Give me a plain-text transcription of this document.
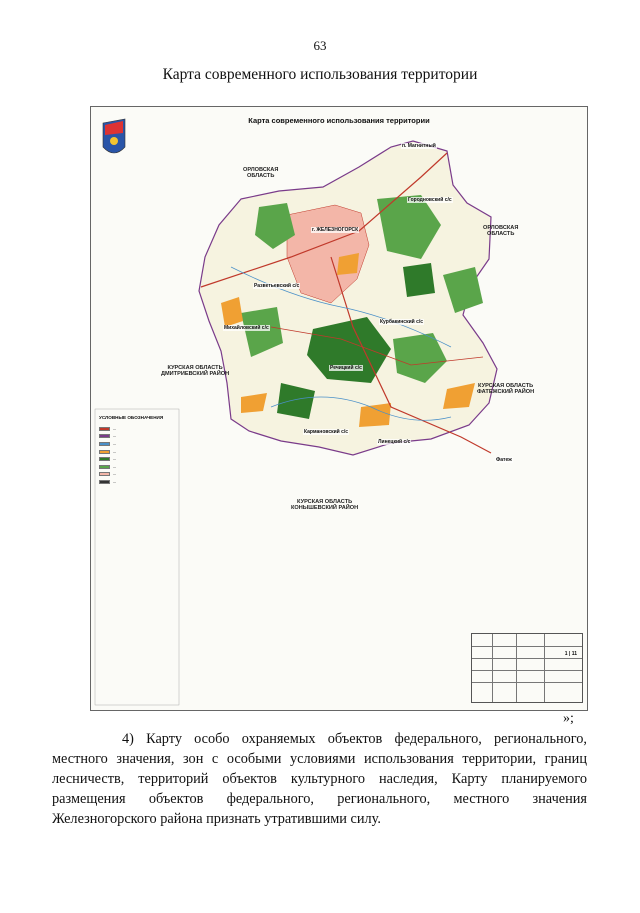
63
Карта современного использования территории
Карта современного использования территории
ОРЛОВСКАЯ
ОБЛАСТЬ
ОРЛОВСКАЯ
ОБЛАСТЬ
КУРСКАЯ ОБЛАСТЬ
ДМИТРИЕВСКИЙ РАЙОН
КУРСКАЯ ОБЛАСТЬ
ФАТЕЖСКИЙ РАЙОН
КУРСКАЯ ОБЛАСТЬ
КОНЫШЕВСКИЙ РАЙОН
п. Магнитный
г. ЖЕЛЕЗНОГОРСК
Городновский с/с
Разветьевский с/с
Михайловский с/с
Курбакинский с/с
Речицкий с/с
Кармановский с/с
Линецкий с/с
Фатеж
УСЛОВНЫЕ ОБОЗНАЧЕНИЯ
—
—
—
—
—
—
—
—
1 | 11
»;

4) Карту особо охраняемых объектов федерального, регионального, местного значения, зон с особыми условиями использования территории, границ лесничеств, территорий объектов культурного наследия, Карту планируемого размещения объектов федерального, регионального, местного значения Железногорского района признать утратившими силу.
